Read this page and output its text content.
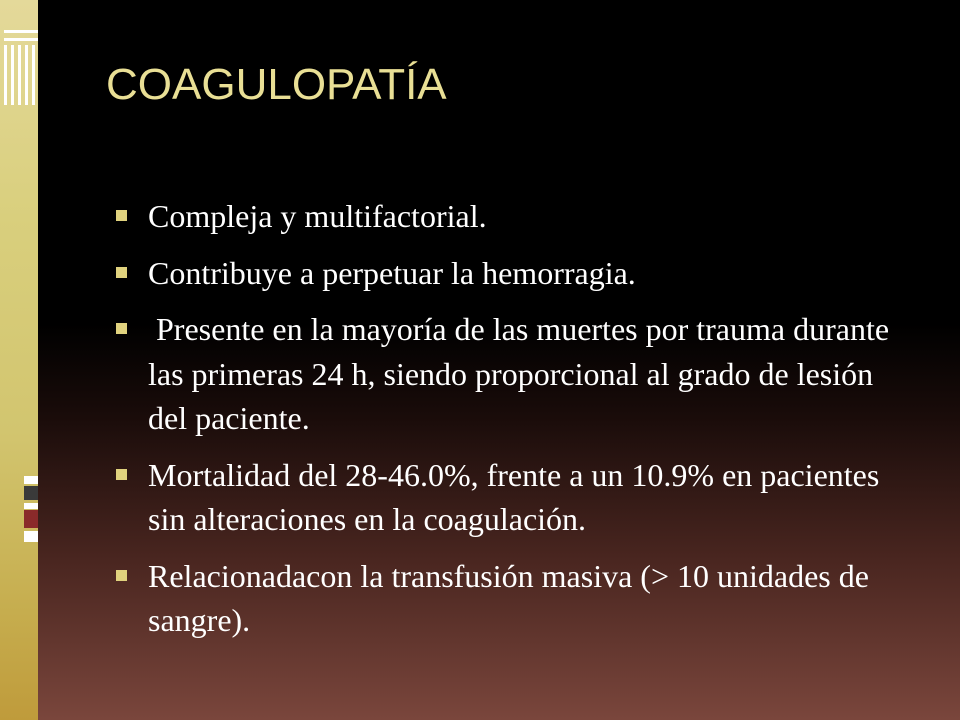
COAGULOPATÍA
Compleja y multifactorial.
Contribuye a perpetuar la hemorragia.
Presente en la mayoría de las muertes por trauma durante las primeras 24 h, siendo proporcional al grado de lesión del paciente.
Mortalidad del 28-46.0%, frente a un 10.9% en pacientes sin alteraciones en la coagulación.
Relacionadacon la transfusión masiva (> 10 unidades de sangre).
